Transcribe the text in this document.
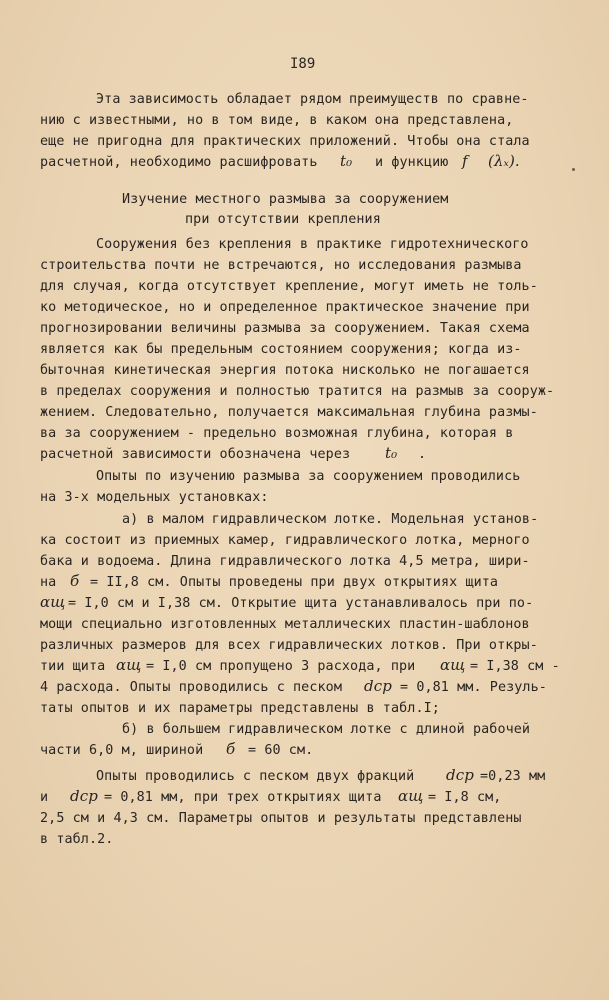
I89
Эта зависимость обладает рядом преимуществ по сравне-
нию с известными, но в том виде, в каком она представлена,
еще не пригодна для практических приложений. Чтобы она стала
расчетной, необходимо расшифровать t₀ и функцию f (λₓ).
Изучение местного размыва за сооружением
при отсутствии крепления
Сооружения без крепления в практике гидротехнического
строительства почти не встречаются, но исследования размыва
для случая, когда отсутствует крепление, могут иметь не толь-
ко методическое, но и определенное практическое значение при
прогнозировании величины размыва за сооружением. Такая схема
является как бы предельным состоянием сооружения; когда из-
быточная кинетическая энергия потока нисколько не погашается
в пределах сооружения и полностью тратится на размыв за сооруж-
жением. Следовательно, получается максимальная глубина размы-
ва за сооружением - предельно возможная глубина, которая в
расчетной зависимости обозначена через t₀ .
Опыты по изучению размыва за сооружением проводились
на 3-х модельных установках:
а) в малом гидравлическом лотке. Модельная установ-
ка состоит из приемных камер, гидравлического лотка, мерного
бака и водоема. Длина гидравлического лотка 4,5 метра, шири-
на б = II,8 см. Опыты проведены при двух открытиях щита
αщ = I,0 см и I,38 см. Открытие щита устанавливалось при по-
мощи специально изготовленных металлических пластин-шаблонов
различных размеров для всех гидравлических лотков. При откры-
тии щита αщ = I,0 см пропущено 3 расхода, при αщ = I,38 см -
4 расхода. Опыты проводились с песком dср = 0,81 мм. Резуль-
таты опытов и их параметры представлены в табл.I;
б) в большем гидравлическом лотке с длиной рабочей
части 6,0 м, шириной б = 60 см.
Опыты проводились с песком двух фракций dср =0,23 мм
и dср = 0,81 мм, при трех открытиях щита αщ = I,8 см,
2,5 см и 4,3 см. Параметры опытов и результаты представлены
в табл.2.
